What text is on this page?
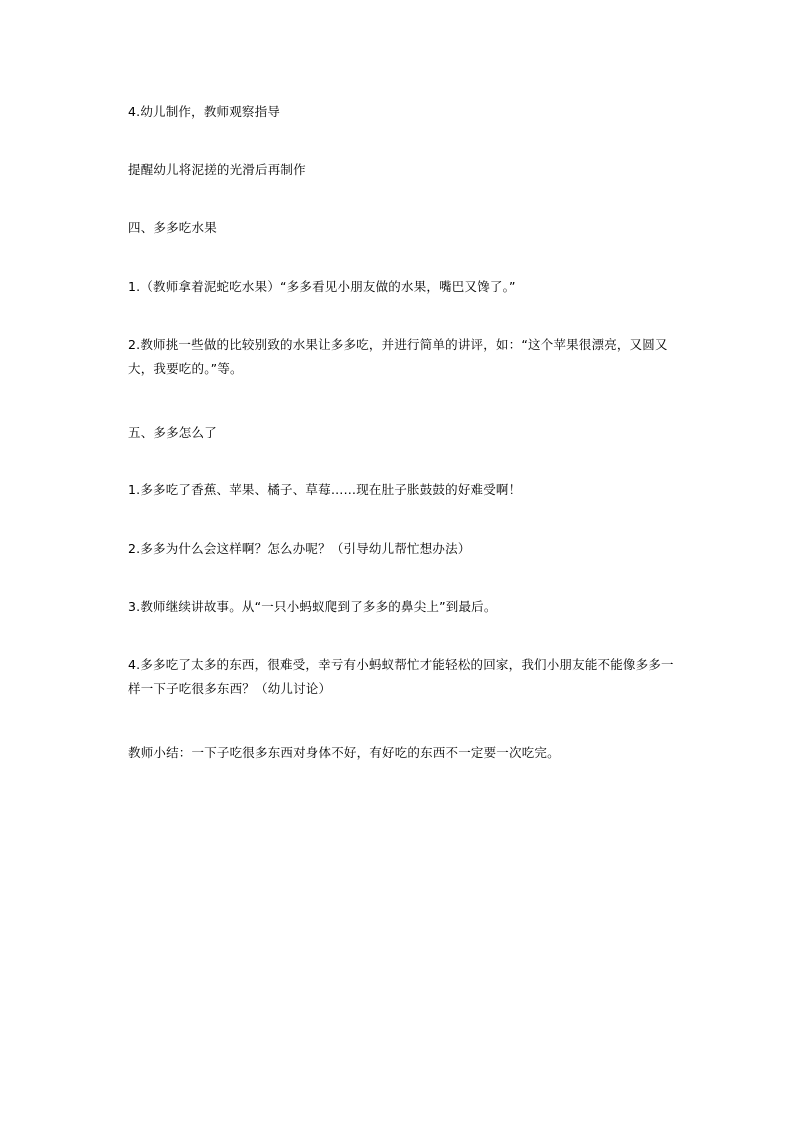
4.幼儿制作，教师观察指导
提醒幼儿将泥搓的光滑后再制作
四、多多吃水果
1.（教师拿着泥蛇吃水果）“多多看见小朋友做的水果，嘴巴又馋了。”
2.教师挑一些做的比较别致的水果让多多吃，并进行简单的讲评，如：“这个苹果很漂亮，又圆又大，我要吃的。”等。
五、多多怎么了
1.多多吃了香蕉、苹果、橘子、草莓……现在肚子胀鼓鼓的好难受啊！
2.多多为什么会这样啊？怎么办呢？（引导幼儿帮忙想办法）
3.教师继续讲故事。从“一只小蚂蚁爬到了多多的鼻尖上”到最后。
4.多多吃了太多的东西，很难受，幸亏有小蚂蚁帮忙才能轻松的回家，我们小朋友能不能像多多一样一下子吃很多东西？（幼儿讨论）
教师小结：一下子吃很多东西对身体不好，有好吃的东西不一定要一次吃完。
